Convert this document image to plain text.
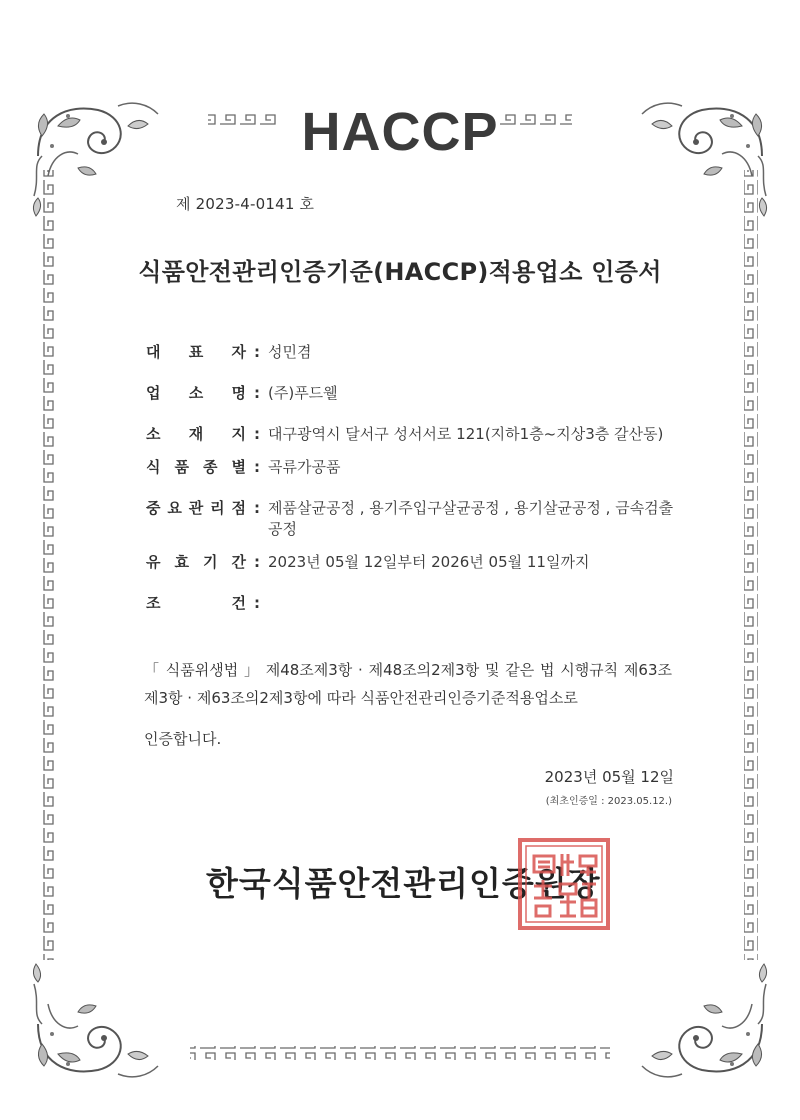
HACCP
제 2023-4-0141 호
식품안전관리인증기준(HACCP)적용업소 인증서
대 표 자 : 성민겸
업 소 명 : (주)푸드웰
소 재 지 : 대구광역시 달서구 성서서로 121(지하1층~지상3층 갈산동)
식 품 종 별 : 곡류가공품
중 요 관 리 점 : 제품살균공정 , 용기주입구살균공정 , 용기살균공정 , 금속검출공정
유 효 기 간 : 2023년 05월 12일부터 2026년 05월 11일까지
조	건 :
「 식품위생법 」 제48조제3항 · 제48조의2제3항 및 같은 법 시행규칙 제63조제3항 · 제63조의2제3항에 따라 식품안전관리인증기준적용업소로
인증합니다.
2023년 05월 12일
(최초인증일 : 2023.05.12.)
한국식품안전관리인증원장
